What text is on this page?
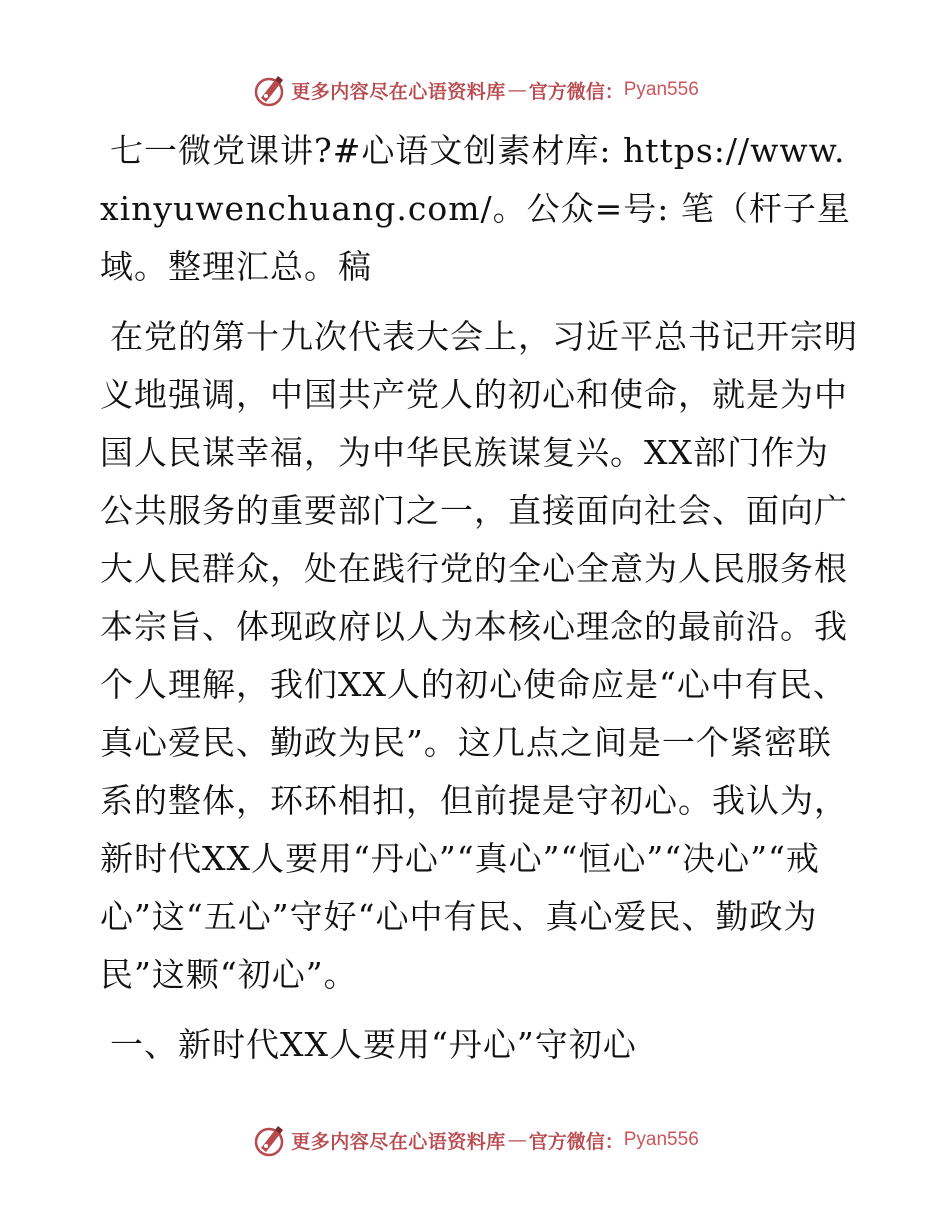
更多内容尽在心语资料库 — 官方微信： Pyan556

七一微党课讲?#心语文创素材库: https://www.xinyuwenchuang.com/。公众=号: 笔（杆子星域。整理汇总。稿

在党的第十九次代表大会上，习近平总书记开宗明义地强调，中国共产党人的初心和使命，就是为中国人民谋幸福，为中华民族谋复兴。XX部门作为公共服务的重要部门之一，直接面向社会、面向广大人民群众，处在践行党的全心全意为人民服务根本宗旨、体现政府以人为本核心理念的最前沿。我个人理解，我们XX人的初心使命应是“心中有民、真心爱民、勤政为民”。这几点之间是一个紧密联系的整体，环环相扣，但前提是守初心。我认为，新时代XX人要用“丹心”“真心”“恒心”“决心”“戒心”这“五心”守好“心中有民、真心爱民、勤政为民”这颗“初心”。

一、新时代XX人要用“丹心”守初心

更多内容尽在心语资料库 — 官方微信： Pyan556
